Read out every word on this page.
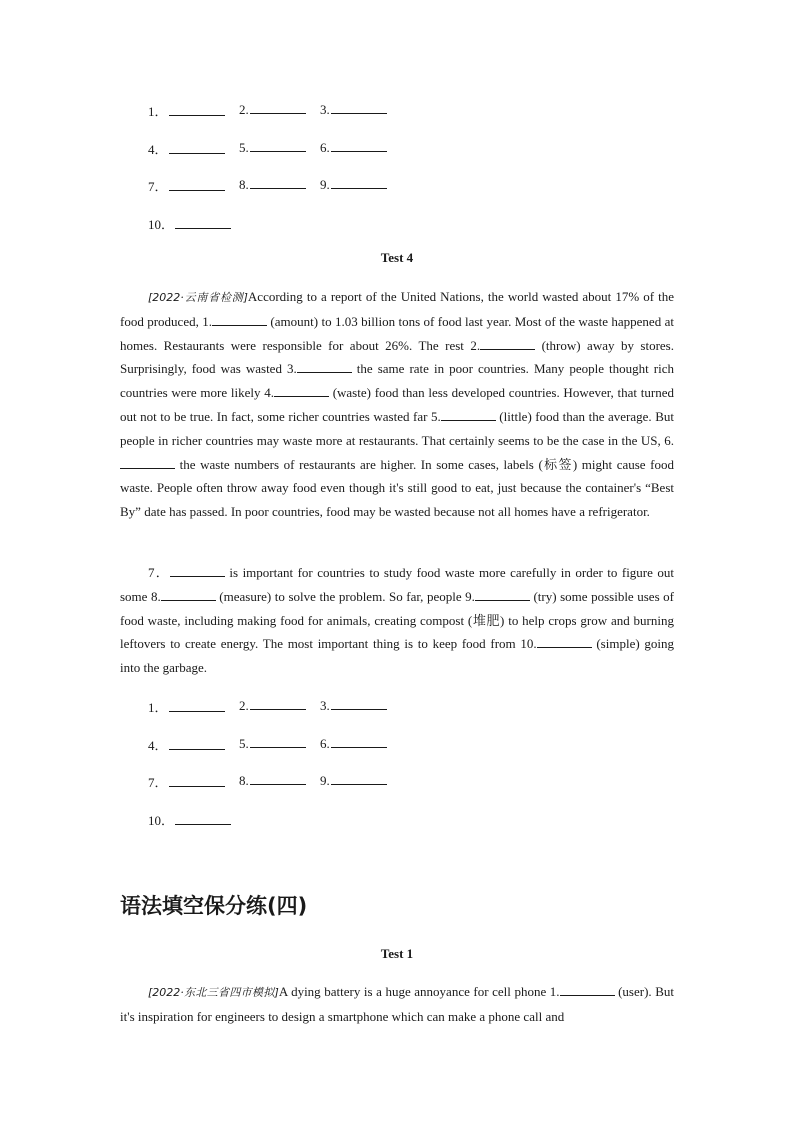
1．	2.	3.
4．	5.	6.
7．	8.	9.
10．
Test 4

[2022·云南省检测]According to a report of the United Nations, the world wasted about 17% of the food produced, 1.	(amount) to 1.03 billion tons of food last year. Most of the waste happened at homes. Restaurants were responsible for about 26%. The rest 2.	(throw) away by stores. Surprisingly, food was wasted 3.	the same rate in poor countries. Many people thought rich countries were more likely 4.	(waste) food than less developed countries. However, that turned out not to be true. In fact, some richer countries wasted far 5.	(little) food than the average. But people in richer countries may waste more at restaurants. That certainly seems to be the case in the US, 6. the waste numbers of restaurants are higher. In some cases, labels (标签) might cause food waste. People often throw away food even though it's still good to eat, just because the container's “Best By” date has passed. In poor countries, food may be wasted because not all homes have a refrigerator.

7．	is important for countries to study food waste more carefully in order to figure out some 8.	(measure) to solve the problem. So far, people 9.	(try) some possible uses of food waste, including making food for animals, creating compost (堆肥) to help crops grow and burning leftovers to create energy. The most important thing is to keep food from 10.	(simple) going into the garbage.

1．	2.	3.
4．	5.	6.
7．	8.	9.
10．
语法填空保分练(四)
Test 1

[2022·东北三省四市模拟]A dying battery is a huge annoyance for cell phone 1.	(user). But it's inspiration for engineers to design a smartphone which can make a phone call and
